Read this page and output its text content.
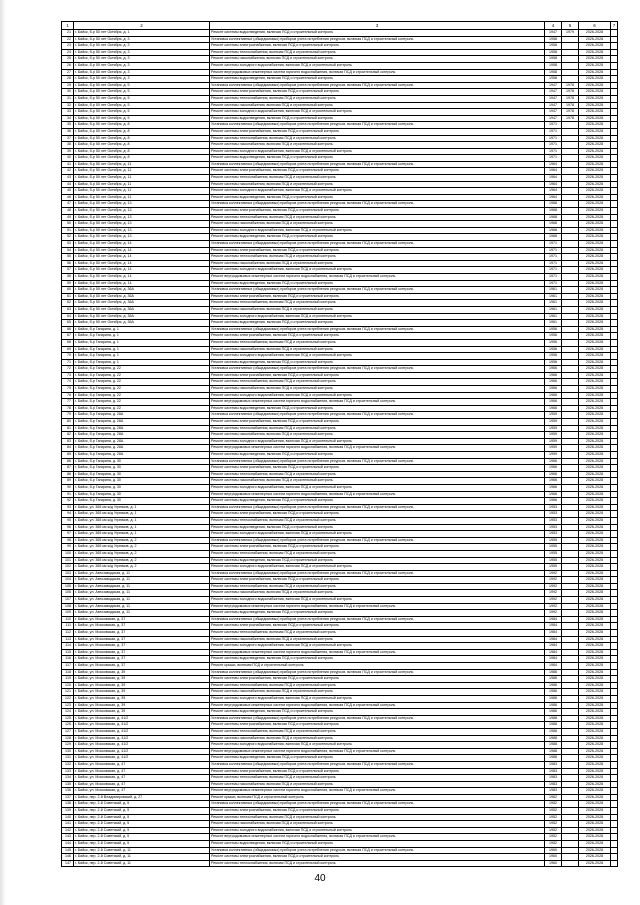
1	2	3	4	5	6	7
21	г. Бийск, б-р 50 лет Октября, д. 1	Ремонт системы водоотведения, включая ПСД и строительный контроль	1947	1979	2026-2028	
22	г. Бийск, б-р 50 лет Октября, д. 3	Установка коллективных (общедомовых) приборов учета потребления ресурсов, включая ПСД и строительный контроль	1958		2026-2028	
23	г. Бийск, б-р 50 лет Октября, д. 3	Ремонт системы электроснабжения, включая ПСД и строительный контроль	1958		2026-2028	
24	г. Бийск, б-р 50 лет Октября, д. 3	Ремонт системы теплоснабжения, включая ПСД и строительный контроль	1958		2026-2028	
25	г. Бийск, б-р 50 лет Октября, д. 3	Ремонт системы газоснабжения, включая ПСД и строительный контроль	1958		2026-2028	
26	г. Бийск, б-р 50 лет Октября, д. 3	Ремонт системы холодного водоснабжения, включая ПСД и строительный контроль	1958		2026-2028	
27	г. Бийск, б-р 50 лет Октября, д. 3	Ремонт внутридомовых инженерных систем горячего водоснабжения, включая ПСД и строительный контроль	1958		2026-2028	
28	г. Бийск, б-р 50 лет Октября, д. 3	Ремонт системы водоотведения, включая ПСД и строительный контроль	1958		2026-2028	
29	г. Бийск, б-р 50 лет Октября, д. 5	Установка коллективных (общедомовых) приборов учета потребления ресурсов, включая ПСД и строительный контроль	1947	1978	2026-2028	
30	г. Бийск, б-р 50 лет Октября, д. 5	Ремонт системы электроснабжения, включая ПСД и строительный контроль	1947	1978	2026-2028	
31	г. Бийск, б-р 50 лет Октября, д. 5	Ремонт системы теплоснабжения, включая ПСД и строительный контроль	1947	1978	2026-2028	
32	г. Бийск, б-р 50 лет Октября, д. 5	Ремонт системы газоснабжения, включая ПСД и строительный контроль	1947	1978	2026-2028	
33	г. Бийск, б-р 50 лет Октября, д. 5	Ремонт системы холодного водоснабжения, включая ПСД и строительный контроль	1947	1978	2026-2028	
34	г. Бийск, б-р 50 лет Октября, д. 5	Ремонт системы водоотведения, включая ПСД и строительный контроль	1947	1978	2026-2028	
35	г. Бийск, б-р 50 лет Октября, д. 8	Установка коллективных (общедомовых) приборов учета потребления ресурсов, включая ПСД и строительный контроль	1971		2026-2028	
36	г. Бийск, б-р 50 лет Октября, д. 8	Ремонт системы электроснабжения, включая ПСД и строительный контроль	1971		2026-2028	
37	г. Бийск, б-р 50 лет Октября, д. 8	Ремонт системы теплоснабжения, включая ПСД и строительный контроль	1971		2026-2028	
38	г. Бийск, б-р 50 лет Октября, д. 8	Ремонт системы газоснабжения, включая ПСД и строительный контроль	1971		2026-2028	
39	г. Бийск, б-р 50 лет Октября, д. 8	Ремонт системы холодного водоснабжения, включая ПСД и строительный контроль	1971		2026-2028	
40	г. Бийск, б-р 50 лет Октября, д. 8	Ремонт системы водоотведения, включая ПСД и строительный контроль	1971		2026-2028	
41	г. Бийск, б-р 50 лет Октября, д. 11	Установка коллективных (общедомовых) приборов учета потребления ресурсов, включая ПСД и строительный контроль	1964		2026-2028	
42	г. Бийск, б-р 50 лет Октября, д. 11	Ремонт системы электроснабжения, включая ПСД и строительный контроль	1964		2026-2028	
43	г. Бийск, б-р 50 лет Октября, д. 11	Ремонт системы теплоснабжения, включая ПСД и строительный контроль	1964		2026-2028	
44	г. Бийск, б-р 50 лет Октября, д. 11	Ремонт системы газоснабжения, включая ПСД и строительный контроль	1964		2026-2028	
45	г. Бийск, б-р 50 лет Октября, д. 11	Ремонт системы холодного водоснабжения, включая ПСД и строительный контроль	1964		2026-2028	
46	г. Бийск, б-р 50 лет Октября, д. 11	Ремонт системы водоотведения, включая ПСД и строительный контроль	1964		2026-2028	
47	г. Бийск, б-р 50 лет Октября, д. 13	Установка коллективных (общедомовых) приборов учета потребления ресурсов, включая ПСД и строительный контроль	1968		2026-2028	
48	г. Бийск, б-р 50 лет Октября, д. 13	Ремонт системы электроснабжения, включая ПСД и строительный контроль	1968		2026-2028	
49	г. Бийск, б-р 50 лет Октября, д. 13	Ремонт системы теплоснабжения, включая ПСД и строительный контроль	1968		2026-2028	
50	г. Бийск, б-р 50 лет Октября, д. 13	Ремонт системы газоснабжения, включая ПСД и строительный контроль	1968		2026-2028	
51	г. Бийск, б-р 50 лет Октября, д. 13	Ремонт системы холодного водоснабжения, включая ПСД и строительный контроль	1968		2026-2028	
52	г. Бийск, б-р 50 лет Октября, д. 13	Ремонт системы водоотведения, включая ПСД и строительный контроль	1968		2026-2028	
53	г. Бийск, б-р 50 лет Октября, д. 14	Установка коллективных (общедомовых) приборов учета потребления ресурсов, включая ПСД и строительный контроль	1971		2026-2028	
54	г. Бийск, б-р 50 лет Октября, д. 14	Ремонт системы электроснабжения, включая ПСД и строительный контроль	1971		2026-2028	
55	г. Бийск, б-р 50 лет Октября, д. 14	Ремонт системы теплоснабжения, включая ПСД и строительный контроль	1971		2026-2028	
56	г. Бийск, б-р 50 лет Октября, д. 14	Ремонт системы газоснабжения, включая ПСД и строительный контроль	1971		2026-2028	
57	г. Бийск, б-р 50 лет Октября, д. 14	Ремонт системы холодного водоснабжения, включая ПСД и строительный контроль	1971		2026-2028	
58	г. Бийск, б-р 50 лет Октября, д. 14	Ремонт внутридомовых инженерных систем горячего водоснабжения, включая ПСД и строительный контроль	1971		2026-2028	
59	г. Бийск, б-р 50 лет Октября, д. 14	Ремонт системы водоотведения, включая ПСД и строительный контроль	1971		2026-2028	
60	г. Бийск, б-р 50 лет Октября, д. 36А	Установка коллективных (общедомовых) приборов учета потребления ресурсов, включая ПСД и строительный контроль	1961		2026-2028	
61	г. Бийск, б-р 50 лет Октября, д. 36А	Ремонт системы электроснабжения, включая ПСД и строительный контроль	1961		2026-2028	
62	г. Бийск, б-р 50 лет Октября, д. 36А	Ремонт системы теплоснабжения, включая ПСД и строительный контроль	1961		2026-2028	
63	г. Бийск, б-р 50 лет Октября, д. 36А	Ремонт системы газоснабжения, включая ПСД и строительный контроль	1961		2026-2028	
64	г. Бийск, б-р 50 лет Октября, д. 36А	Ремонт системы холодного водоснабжения, включая ПСД и строительный контроль	1961		2026-2028	
65	г. Бийск, б-р 50 лет Октября, д. 36А	Ремонт системы водоотведения, включая ПСД и строительный контроль	1961		2026-2028	
66	г. Бийск, б-р Гагарина, д. 1	Установка коллективных (общедомовых) приборов учета потребления ресурсов, включая ПСД и строительный контроль	1956		2026-2028	
67	г. Бийск, б-р Гагарина, д. 1	Ремонт системы электроснабжения, включая ПСД и строительный контроль	1956		2026-2028	
68	г. Бийск, б-р Гагарина, д. 1	Ремонт системы теплоснабжения, включая ПСД и строительный контроль	1956		2026-2028	
69	г. Бийск, б-р Гагарина, д. 1	Ремонт системы газоснабжения, включая ПСД и строительный контроль	1956		2026-2028	
70	г. Бийск, б-р Гагарина, д. 1	Ремонт системы холодного водоснабжения, включая ПСД и строительный контроль	1956		2026-2028	
71	г. Бийск, б-р Гагарина, д. 1	Ремонт системы водоотведения, включая ПСД и строительный контроль	1956		2026-2028	
72	г. Бийск, б-р Гагарина, д. 22	Установка коллективных (общедомовых) приборов учета потребления ресурсов, включая ПСД и строительный контроль	1966		2026-2028	
73	г. Бийск, б-р Гагарина, д. 22	Ремонт системы электроснабжения, включая ПСД и строительный контроль	1966		2026-2028	
74	г. Бийск, б-р Гагарина, д. 22	Ремонт системы теплоснабжения, включая ПСД и строительный контроль	1966		2026-2028	
75	г. Бийск, б-р Гагарина, д. 22	Ремонт системы газоснабжения, включая ПСД и строительный контроль	1966		2026-2028	
76	г. Бийск, б-р Гагарина, д. 22	Ремонт системы холодного водоснабжения, включая ПСД и строительный контроль	1966		2026-2028	
77	г. Бийск, б-р Гагарина, д. 22	Ремонт внутридомовых инженерных систем горячего водоснабжения, включая ПСД и строительный контроль	1966		2026-2028	
78	г. Бийск, б-р Гагарина, д. 22	Ремонт системы водоотведения, включая ПСД и строительный контроль	1966		2026-2028	
79	г. Бийск, б-р Гагарина, д. 28А	Установка коллективных (общедомовых) приборов учета потребления ресурсов, включая ПСД и строительный контроль	1959		2026-2028	
80	г. Бийск, б-р Гагарина, д. 28А	Ремонт системы электроснабжения, включая ПСД и строительный контроль	1959		2026-2028	
81	г. Бийск, б-р Гагарина, д. 28А	Ремонт системы теплоснабжения, включая ПСД и строительный контроль	1959		2026-2028	
82	г. Бийск, б-р Гагарина, д. 28А	Ремонт системы газоснабжения, включая ПСД и строительный контроль	1959		2026-2028	
83	г. Бийск, б-р Гагарина, д. 28А	Ремонт системы холодного водоснабжения, включая ПСД и строительный контроль	1959		2026-2028	
84	г. Бийск, б-р Гагарина, д. 28А	Ремонт внутридомовых инженерных систем горячего водоснабжения, включая ПСД и строительный контроль	1959		2026-2028	
85	г. Бийск, б-р Гагарина, д. 28А	Ремонт системы водоотведения, включая ПСД и строительный контроль	1959		2026-2028	
86	г. Бийск, б-р Гагарина, д. 30	Установка коллективных (общедомовых) приборов учета потребления ресурсов, включая ПСД и строительный контроль	1966		2026-2028	
87	г. Бийск, б-р Гагарина, д. 30	Ремонт системы электроснабжения, включая ПСД и строительный контроль	1966		2026-2028	
88	г. Бийск, б-р Гагарина, д. 30	Ремонт системы теплоснабжения, включая ПСД и строительный контроль	1966		2026-2028	
89	г. Бийск, б-р Гагарина, д. 30	Ремонт системы газоснабжения, включая ПСД и строительный контроль	1966		2026-2028	
90	г. Бийск, б-р Гагарина, д. 30	Ремонт системы холодного водоснабжения, включая ПСД и строительный контроль	1966		2026-2028	
91	г. Бийск, б-р Гагарина, д. 30	Ремонт внутридомовых инженерных систем горячего водоснабжения, включая ПСД и строительный контроль	1966		2026-2028	
92	г. Бийск, б-р Гагарина, д. 30	Ремонт системы водоотведения, включая ПСД и строительный контроль	1966		2026-2028	
93	г. Бийск, ул. 365 км ж/д Угрюмов, д. 1	Установка коллективных (общедомовых) приборов учета потребления ресурсов, включая ПСД и строительный контроль	1953		2026-2028	
94	г. Бийск, ул. 365 км ж/д Угрюмов, д. 1	Ремонт системы электроснабжения, включая ПСД и строительный контроль	1953		2026-2028	
95	г. Бийск, ул. 365 км ж/д Угрюмов, д. 1	Ремонт системы теплоснабжения, включая ПСД и строительный контроль	1953		2026-2028	
96	г. Бийск, ул. 365 км ж/д Угрюмов, д. 1	Ремонт системы водоотведения, включая ПСД и строительный контроль	1953		2026-2028	
97	г. Бийск, ул. 365 км ж/д Угрюмов, д. 1	Ремонт системы холодного водоснабжения, включая ПСД и строительный контроль	1953		2026-2028	
98	г. Бийск, ул. 365 км ж/д Угрюмов, д. 2	Установка коллективных (общедомовых) приборов учета потребления ресурсов, включая ПСД и строительный контроль	1955		2026-2028	
99	г. Бийск, ул. 365 км ж/д Угрюмов, д. 2	Ремонт системы электроснабжения, включая ПСД и строительный контроль	1955		2026-2028	
100	г. Бийск, ул. 365 км ж/д Угрюмов, д. 2	Ремонт системы теплоснабжения, включая ПСД и строительный контроль	1955		2026-2028	
101	г. Бийск, ул. 365 км ж/д Угрюмов, д. 2	Ремонт системы водоотведения, включая ПСД и строительный контроль	1955		2026-2028	
102	г. Бийск, ул. 365 км ж/д Угрюмов, д. 2	Ремонт системы холодного водоснабжения, включая ПСД и строительный контроль	1955		2026-2028	
103	г. Бийск, ул. Автозаводская, д. 11	Установка коллективных (общедомовых) приборов учета потребления ресурсов, включая ПСД и строительный контроль	1992		2026-2028	
104	г. Бийск, ул. Автозаводская, д. 11	Ремонт системы электроснабжения, включая ПСД и строительный контроль	1992		2026-2028	
105	г. Бийск, ул. Автозаводская, д. 11	Ремонт системы теплоснабжения, включая ПСД и строительный контроль	1992		2026-2028	
106	г. Бийск, ул. Автозаводская, д. 11	Ремонт системы газоснабжения, включая ПСД и строительный контроль	1992		2026-2028	
107	г. Бийск, ул. Автозаводская, д. 11	Ремонт системы холодного водоснабжения, включая ПСД и строительный контроль	1992		2026-2028	
108	г. Бийск, ул. Автозаводская, д. 11	Ремонт внутридомовых инженерных систем горячего водоснабжения, включая ПСД и строительный контроль	1992		2026-2028	
109	г. Бийск, ул. Автозаводская, д. 11	Ремонт системы водоотведения, включая ПСД и строительный контроль	1992		2026-2028	
110	г. Бийск, ул. Московская, д. 37	Установка коллективных (общедомовых) приборов учета потребления ресурсов, включая ПСД и строительный контроль	1984		2026-2028	
111	г. Бийск, ул. Московская, д. 37	Ремонт системы электроснабжения, включая ПСД и строительный контроль	1984		2026-2028	
112	г. Бийск, ул. Московская, д. 37	Ремонт системы теплоснабжения, включая ПСД и строительный контроль	1984		2026-2028	
113	г. Бийск, ул. Московская, д. 37	Ремонт системы газоснабжения, включая ПСД и строительный контроль	1984		2026-2028	
114	г. Бийск, ул. Московская, д. 37	Ремонт системы холодного водоснабжения, включая ПСД и строительный контроль	1984		2026-2028	
115	г. Бийск, ул. Московская, д. 37	Ремонт внутридомовых инженерных систем горячего водоснабжения, включая ПСД и строительный контроль	1984		2026-2028	
116	г. Бийск, ул. Московская, д. 37	Ремонт системы водоотведения, включая ПСД и строительный контроль	1984		2026-2028	
117	г. Бийск, ул. Московская, д. 37	Ремонт крыши, включая ПСД и строительный контроль	1984		2026-2028	
118	г. Бийск, ул. Московская, д. 39	Установка коллективных (общедомовых) приборов учета потребления ресурсов, включая ПСД и строительный контроль	1986		2026-2028	
119	г. Бийск, ул. Московская, д. 39	Ремонт системы электроснабжения, включая ПСД и строительный контроль	1986		2026-2028	
120	г. Бийск, ул. Московская, д. 39	Ремонт системы теплоснабжения, включая ПСД и строительный контроль	1986		2026-2028	
121	г. Бийск, ул. Московская, д. 39	Ремонт системы газоснабжения, включая ПСД и строительный контроль	1986		2026-2028	
122	г. Бийск, ул. Московская, д. 39	Ремонт системы холодного водоснабжения, включая ПСД и строительный контроль	1986		2026-2028	
123	г. Бийск, ул. Московская, д. 39	Ремонт внутридомовых инженерных систем горячего водоснабжения, включая ПСД и строительный контроль	1986		2026-2028	
124	г. Бийск, ул. Московская, д. 39	Ремонт системы водоотведения, включая ПСД и строительный контроль	1986		2026-2028	
125	г. Бийск, ул. Московская, д. 41/2	Установка коллективных (общедомовых) приборов учета потребления ресурсов, включая ПСД и строительный контроль	1988		2026-2028	
126	г. Бийск, ул. Московская, д. 41/2	Ремонт системы электроснабжения, включая ПСД и строительный контроль	1988		2026-2028	
127	г. Бийск, ул. Московская, д. 41/2	Ремонт системы теплоснабжения, включая ПСД и строительный контроль	1988		2026-2028	
128	г. Бийск, ул. Московская, д. 41/2	Ремонт системы газоснабжения, включая ПСД и строительный контроль	1988		2026-2028	
129	г. Бийск, ул. Московская, д. 41/2	Ремонт системы холодного водоснабжения, включая ПСД и строительный контроль	1988		2026-2028	
130	г. Бийск, ул. Московская, д. 41/2	Ремонт внутридомовых инженерных систем горячего водоснабжения, включая ПСД и строительный контроль	1988		2026-2028	
131	г. Бийск, ул. Московская, д. 41/2	Ремонт системы водоотведения, включая ПСД и строительный контроль	1988		2026-2028	
132	г. Бийск, ул. Московская, д. 47	Установка коллективных (общедомовых) приборов учета потребления ресурсов, включая ПСД и строительный контроль	1983		2026-2028	
133	г. Бийск, ул. Московская, д. 47	Ремонт системы электроснабжения, включая ПСД и строительный контроль	1983		2026-2028	
134	г. Бийск, ул. Московская, д. 47	Ремонт системы теплоснабжения, включая ПСД и строительный контроль	1983		2026-2028	
135	г. Бийск, ул. Московская, д. 47	Ремонт системы газоснабжения, включая ПСД и строительный контроль	1983		2026-2028	
136	г. Бийск, ул. Московская, д. 47	Ремонт внутридомовых инженерных систем горячего водоснабжения, включая ПСД и строительный контроль	1983		2026-2028	
137	г. Бийск, пер. 2-й Владимировский, д. 27	Ремонт крыши, включая ПСД и строительный контроль	1962		2026-2028	
138	г. Бийск, пер. 2-й Советский, д. 5	Установка коллективных (общедомовых) приборов учета потребления ресурсов, включая ПСД и строительный контроль	1952		2026-2028	
139	г. Бийск, пер. 2-й Советский, д. 5	Ремонт системы электроснабжения, включая ПСД и строительный контроль	1952		2026-2028	
140	г. Бийск, пер. 2-й Советский, д. 5	Ремонт системы теплоснабжения, включая ПСД и строительный контроль	1952		2026-2028	
141	г. Бийск, пер. 2-й Советский, д. 5	Ремонт системы газоснабжения, включая ПСД и строительный контроль	1952		2026-2028	
142	г. Бийск, пер. 2-й Советский, д. 5	Ремонт системы холодного водоснабжения, включая ПСД и строительный контроль	1952		2026-2028	
143	г. Бийск, пер. 2-й Советский, д. 5	Ремонт внутридомовых инженерных систем горячего водоснабжения, включая ПСД и строительный контроль	1952		2026-2028	
144	г. Бийск, пер. 2-й Советский, д. 5	Ремонт системы водоотведения, включая ПСД и строительный контроль	1952		2026-2028	
145	г. Бийск, пер. 2-й Советский, д. 11	Установка коллективных (общедомовых) приборов учета потребления ресурсов, включая ПСД и строительный контроль	1960		2026-2028	
146	г. Бийск, пер. 2-й Советский, д. 11	Ремонт системы электроснабжения, включая ПСД и строительный контроль	1960		2026-2028	
147	г. Бийск, пер. 2-й Советский, д. 11	Ремонт системы теплоснабжения, включая ПСД и строительный контроль	1960		2026-2028	
40
